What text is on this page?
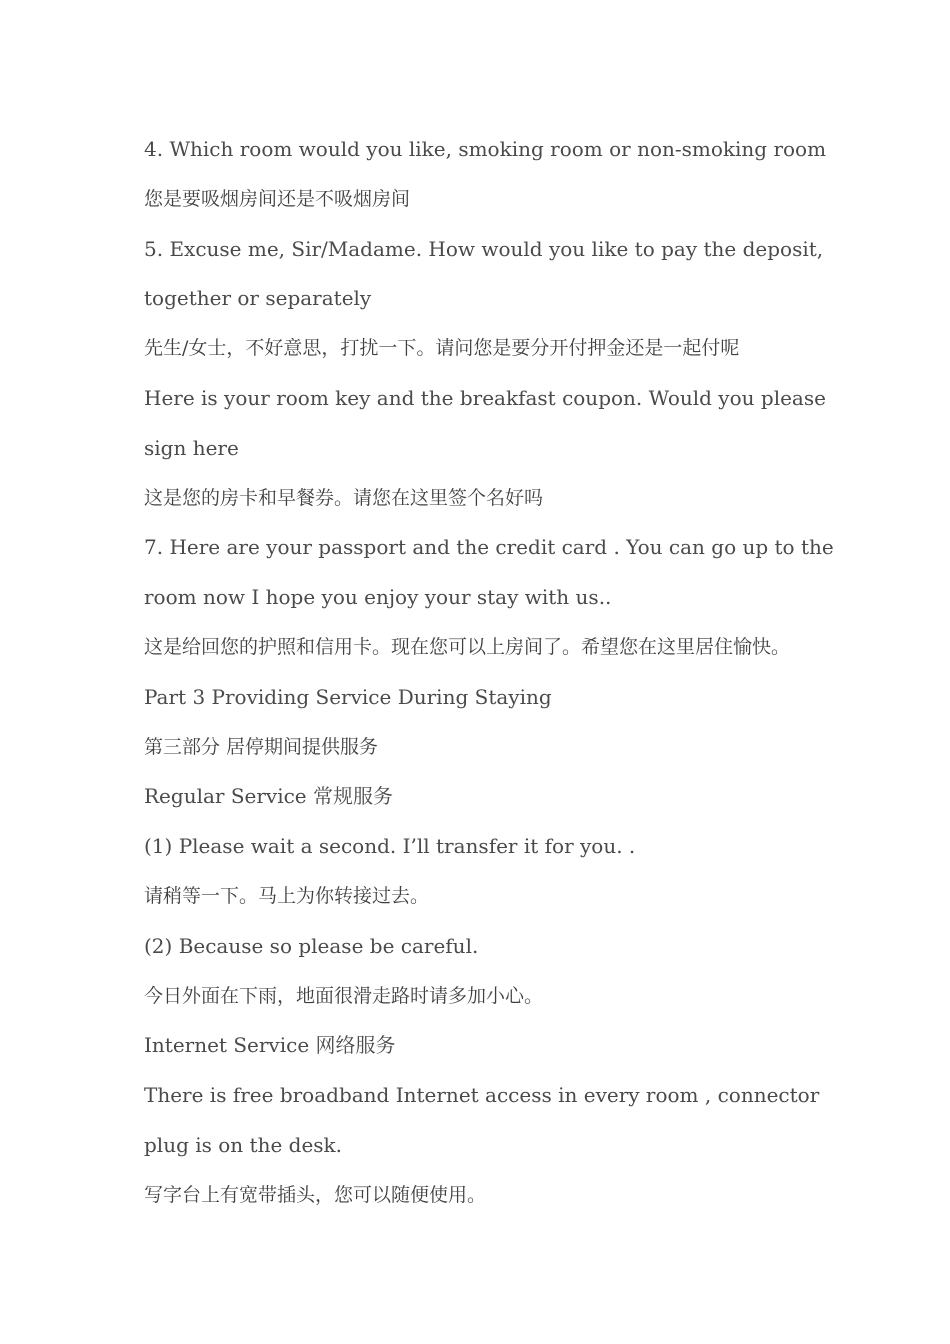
4. Which room would you like, smoking room or non-smoking room
您是要吸烟房间还是不吸烟房间
5. Excuse me, Sir/Madame. How would you like to pay the deposit,
together or separately
先生/女士，不好意思，打扰一下。请问您是要分开付押金还是一起付呢
Here is your room key and the breakfast coupon. Would you please
sign here
这是您的房卡和早餐券。请您在这里签个名好吗
7. Here are your passport and the credit card . You can go up to the
room now I hope you enjoy your stay with us..
这是给回您的护照和信用卡。现在您可以上房间了。希望您在这里居住愉快。
Part 3 Providing Service During Staying
第三部分 居停期间提供服务
Regular Service 常规服务
(1) Please wait a second. I’ll transfer it for you. .
请稍等一下。马上为你转接过去。
(2) Because so please be careful.
今日外面在下雨，地面很滑走路时请多加小心。
Internet Service 网络服务
There is free broadband Internet access in every room , connector
plug is on the desk.
写字台上有宽带插头，您可以随便使用。
